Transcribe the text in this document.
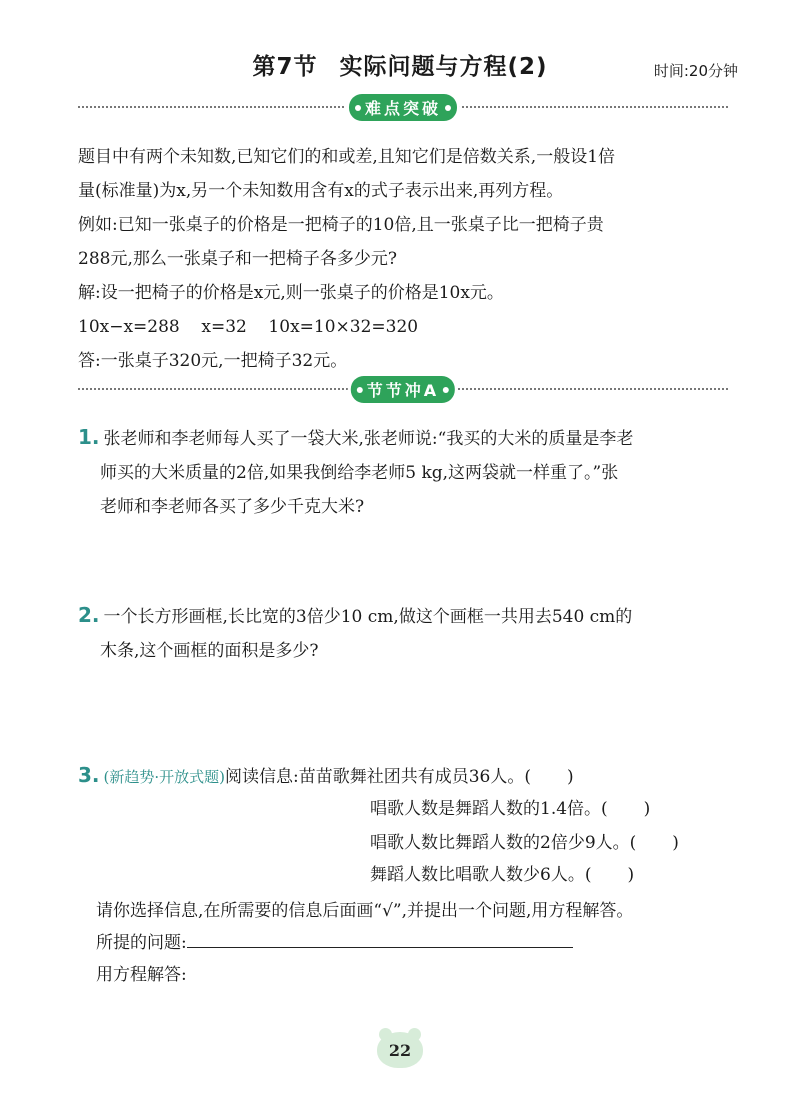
第7节 实际问题与方程(2)	时间:20分钟
难点突破

题目中有两个未知数,已知它们的和或差,且知它们是倍数关系,一般设1倍

量(标准量)为x,另一个未知数用含有x的式子表示出来,再列方程。

例如:已知一张桌子的价格是一把椅子的10倍,且一张桌子比一把椅子贵

288元,那么一张桌子和一把椅子各多少元?

解:设一把椅子的价格是x元,则一张桌子的价格是10x元。

10x−x=288    x=32    10x=10×32=320

答:一张桌子320元,一把椅子32元。

节节冲A
1. 张老师和李老师每人买了一袋大米,张老师说:“我买的大米的质量是李老
师买的大米质量的2倍,如果我倒给李老师5 kg,这两袋就一样重了。”张
老师和李老师各买了多少千克大米?
2. 一个长方形画框,长比宽的3倍少10 cm,做这个画框一共用去540 cm的
木条,这个画框的面积是多少?
3. (新趋势·开放式题)阅读信息:苗苗歌舞社团共有成员36人。( )
唱歌人数是舞蹈人数的1.4倍。( )
唱歌人数比舞蹈人数的2倍少9人。( )
舞蹈人数比唱歌人数少6人。( )
请你选择信息,在所需要的信息后面画“√”,并提出一个问题,用方程解答。
所提的问题:
用方程解答:
22
